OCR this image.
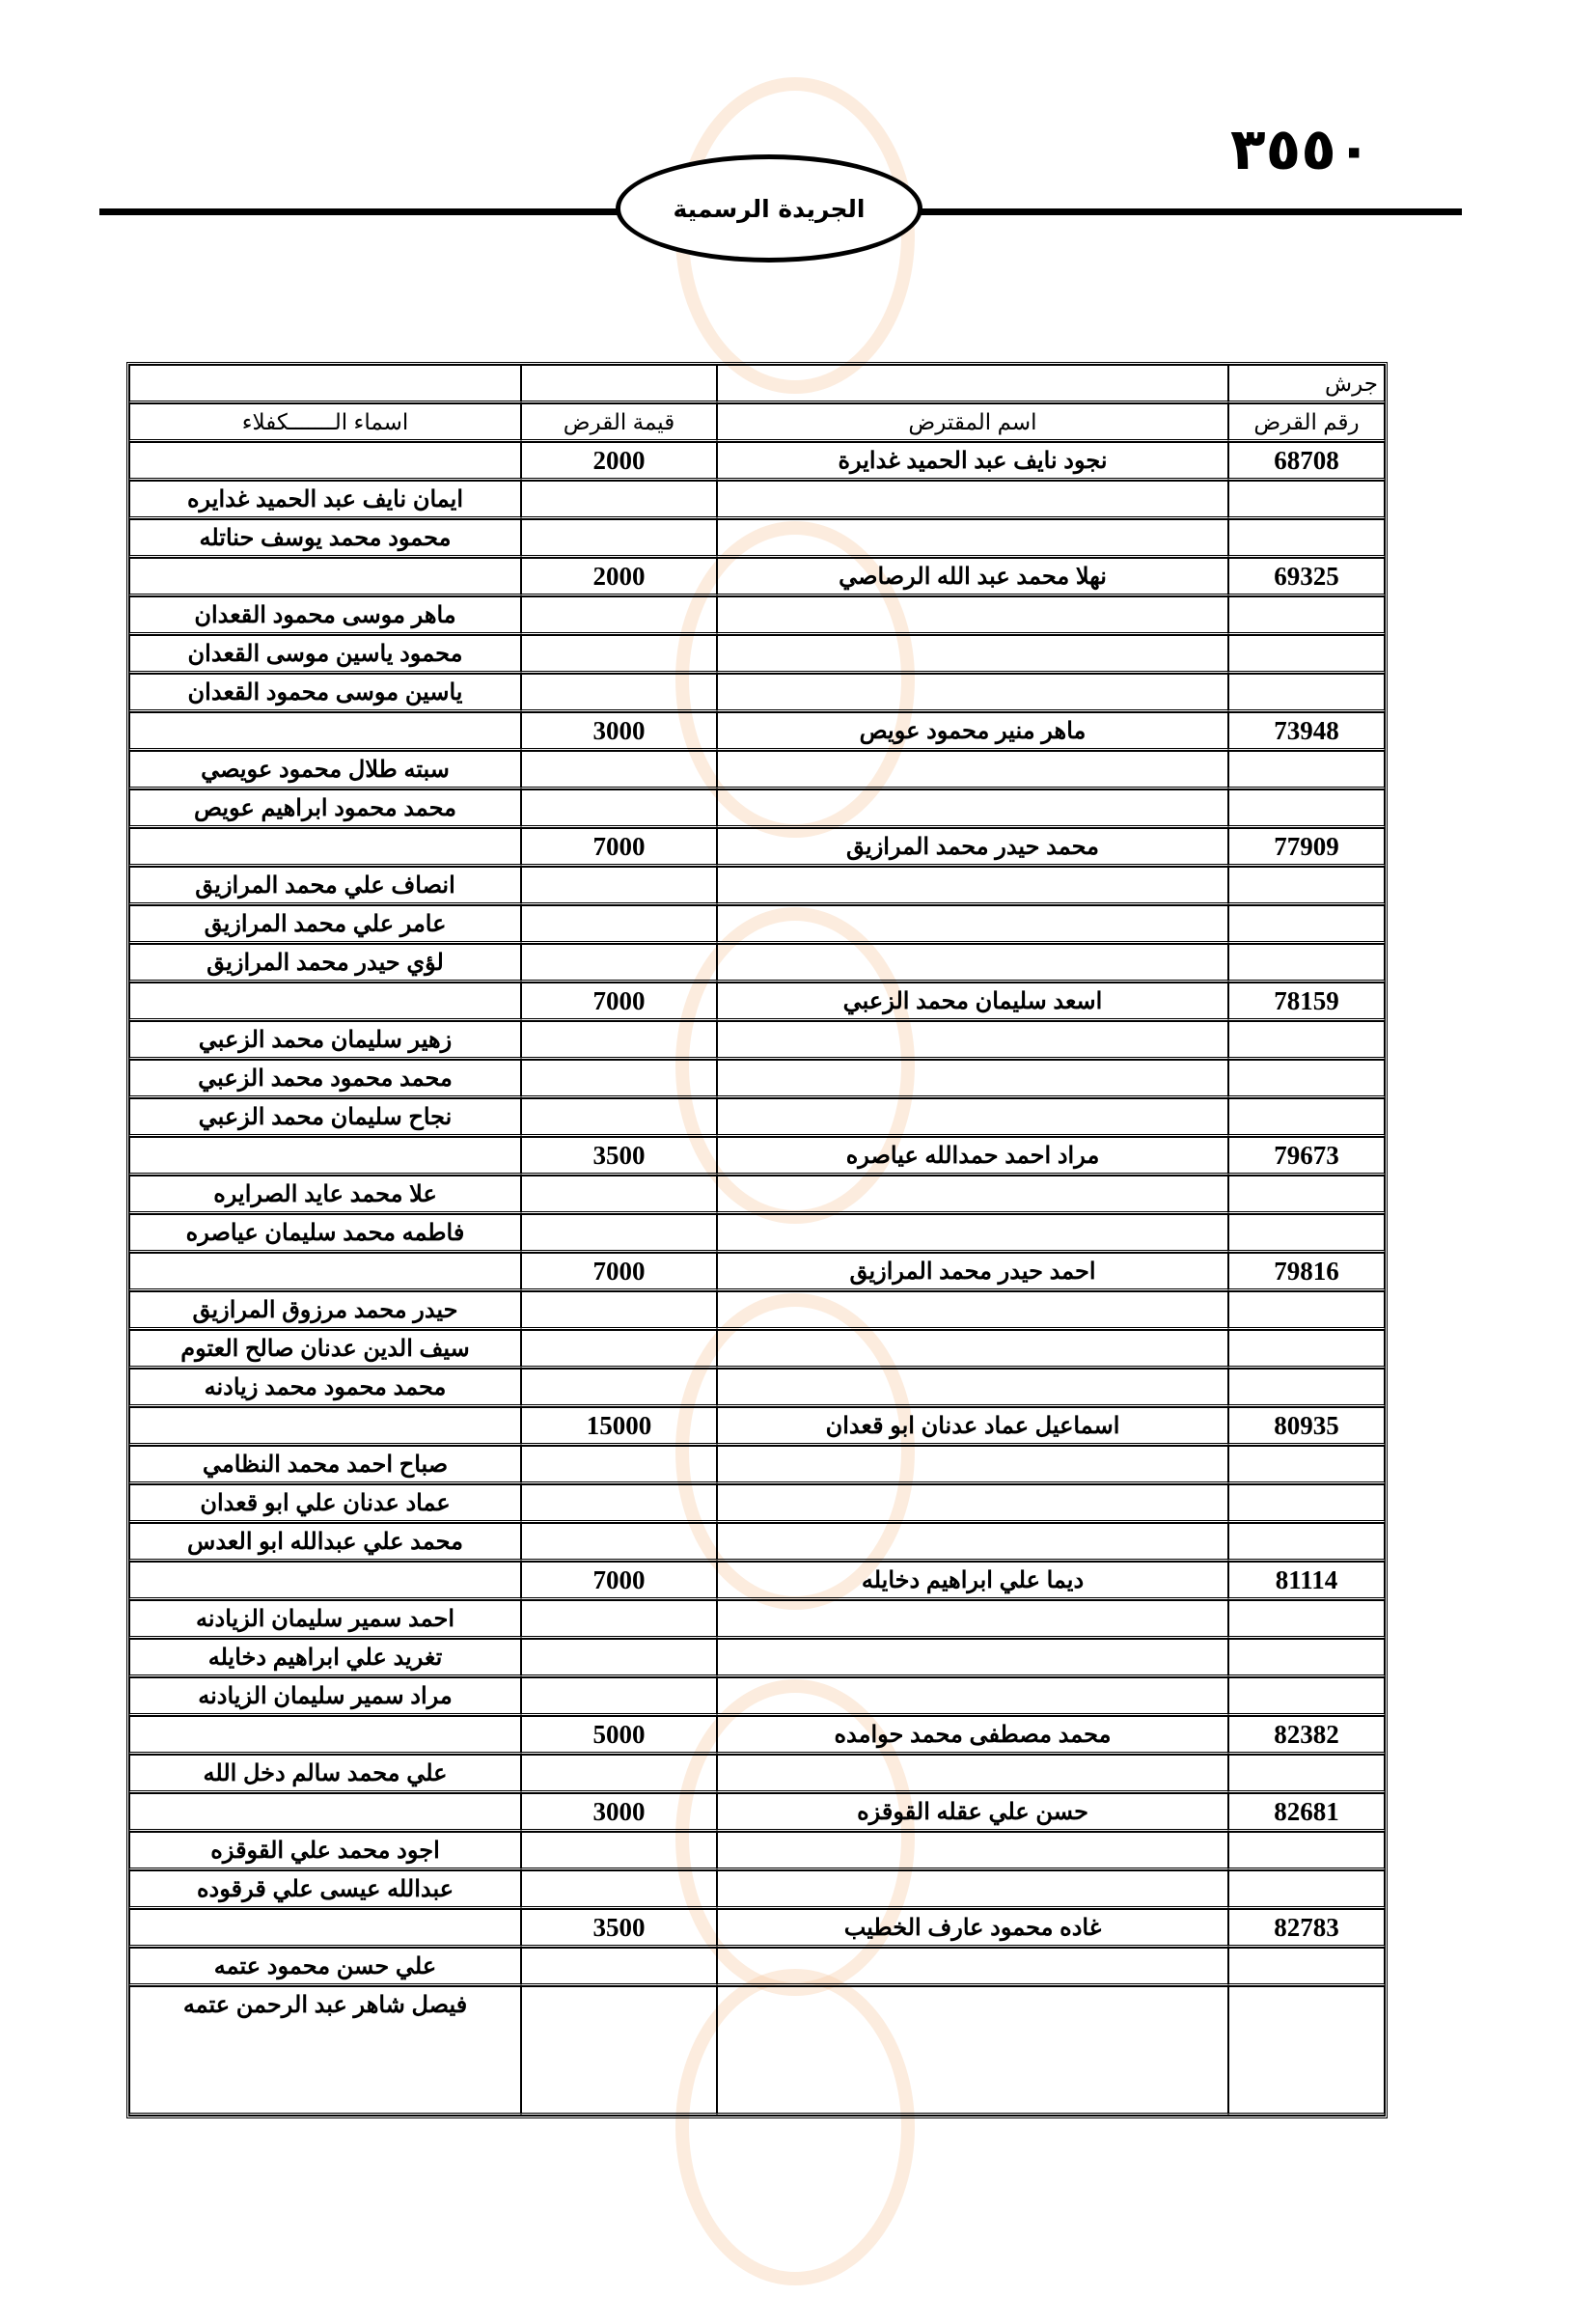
٣٥٥٠
الجريدة الرسمية
جرش			
رقم القرض	اسم المقترض	قيمة القرض	اسماء الـــــــكفلاء
68708	نجود نايف عبد الحميد غدايرة	2000	
			ايمان نايف عبد الحميد غدايره
			محمود محمد يوسف حناتله
69325	نهلا محمد عبد الله الرصاصي	2000	
			ماهر موسى محمود القعدان
			محمود ياسين موسى القعدان
			ياسين موسى محمود القعدان
73948	ماهر منير محمود عويص	3000	
			سبته طلال محمود عويصي
			محمد محمود ابراهيم عويص
77909	محمد حيدر محمد المرازيق	7000	
			انصاف علي محمد المرازيق
			عامر علي محمد المرازيق
			لؤي حيدر محمد المرازيق
78159	اسعد سليمان محمد الزعبي	7000	
			زهير سليمان محمد الزعبي
			محمد محمود محمد الزعبي
			نجاح سليمان محمد الزعبي
79673	مراد احمد حمدالله عياصره	3500	
			علا محمد عايد الصرايره
			فاطمه محمد سليمان عياصره
79816	احمد حيدر محمد المرازيق	7000	
			حيدر محمد مرزوق المرازيق
			سيف الدين عدنان صالح العتوم
			محمد محمود محمد زيادنه
80935	اسماعيل عماد عدنان ابو قعدان	15000	
			صباح احمد محمد النظامي
			عماد عدنان علي ابو قعدان
			محمد علي عبدالله ابو العدس
81114	ديما علي ابراهيم دخايله	7000	
			احمد سمير سليمان الزيادنه
			تغريد علي ابراهيم دخايله
			مراد سمير سليمان الزيادنه
82382	محمد مصطفى محمد حوامده	5000	
			علي محمد سالم دخل الله
82681	حسن علي عقله القوقزه	3000	
			اجود محمد علي القوقزه
			عبدالله عيسى علي قرقوده
82783	غاده محمود عارف الخطيب	3500	
			علي حسن محمود عتمه
			فيصل شاهر عبد الرحمن عتمه
